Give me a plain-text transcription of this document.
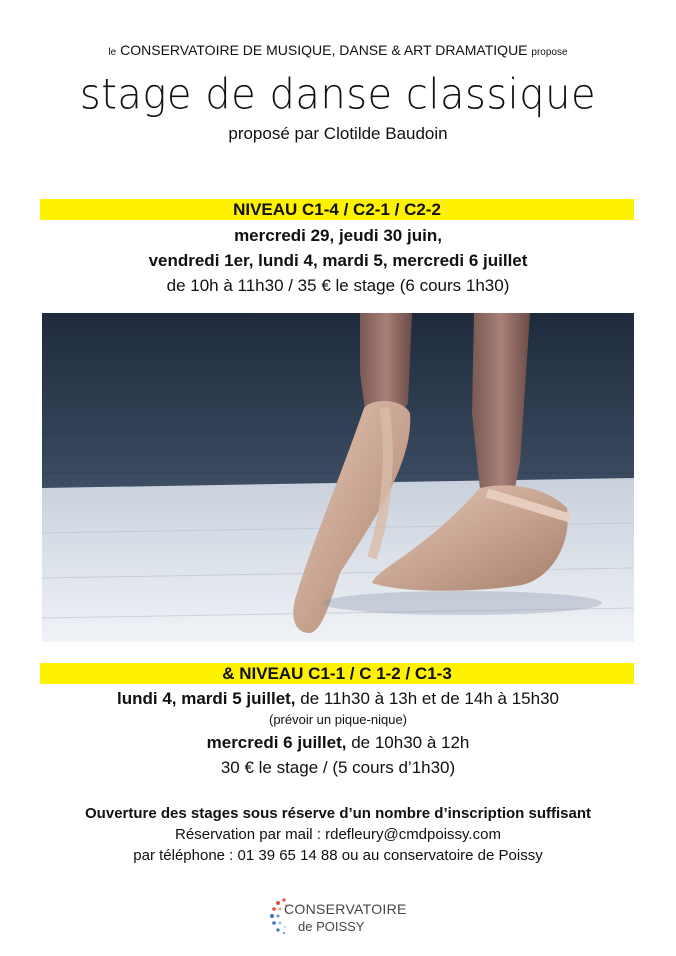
le CONSERVATOIRE DE MUSIQUE, DANSE & ART DRAMATIQUE propose
stage de danse classique
proposé par Clotilde Baudoin
NIVEAU C1-4 / C2-1 / C2-2
mercredi 29, jeudi 30 juin,
vendredi 1er, lundi 4, mardi 5, mercredi 6 juillet
de 10h à 11h30 / 35 € le stage (6 cours 1h30)
& NIVEAU C1-1 / C 1-2 / C1-3
lundi 4, mardi 5 juillet, de 11h30 à 13h et de 14h à 15h30
(prévoir un pique-nique)
mercredi 6 juillet, de 10h30 à 12h
30 € le stage / (5 cours d’1h30)
Ouverture des stages sous réserve d’un nombre d’inscription suffisant
Réservation par mail : rdefleury@cmdpoissy.com
par téléphone : 01 39 65 14 88 ou au conservatoire de Poissy
CONSERVATOIRE
de POISSY
